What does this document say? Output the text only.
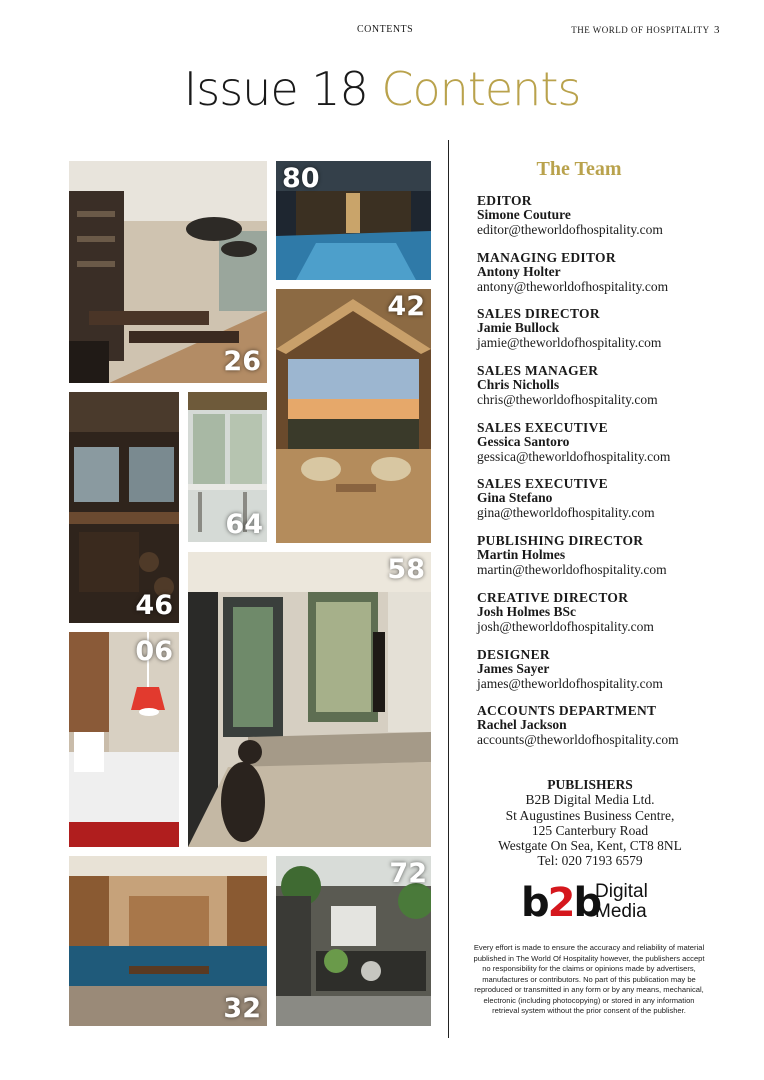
CONTENTS	THE WORLD OF HOSPITALITY 3
Issue 18 Contents
26
80
42
46
64
58
06
32
72
The Team
EDITOR
Simone Couture
editor@theworldofhospitality.com
MANAGING EDITOR
Antony Holter
antony@theworldofhospitality.com
SALES DIRECTOR
Jamie Bullock
jamie@theworldofhospitality.com
SALES MANAGER
Chris Nicholls
chris@theworldofhospitality.com
SALES EXECUTIVE
Gessica Santoro
gessica@theworldofhospitality.com
SALES EXECUTIVE
Gina Stefano
gina@theworldofhospitality.com
PUBLISHING DIRECTOR
Martin Holmes
martin@theworldofhospitality.com
CREATIVE DIRECTOR
Josh Holmes BSc
josh@theworldofhospitality.com
DESIGNER
James Sayer
james@theworldofhospitality.com
ACCOUNTS DEPARTMENT
Rachel Jackson
accounts@theworldofhospitality.com
PUBLISHERS
B2B Digital Media Ltd.
St Augustines Business Centre,
125 Canterbury Road
Westgate On Sea, Kent, CT8 8NL
Tel: 020 7193 6579
b2b
Digital
Media
Every effort is made to ensure the accuracy and reliability of material published in The World Of Hospitality however, the publishers accept no responsibility for the claims or opinions made by advertisers, manufactures or contributors. No part of this publication may be reproduced or transmitted in any form or by any means, mechanical, electronic (including photocopying) or stored in any information retrieval system without the prior consent of the publisher.
